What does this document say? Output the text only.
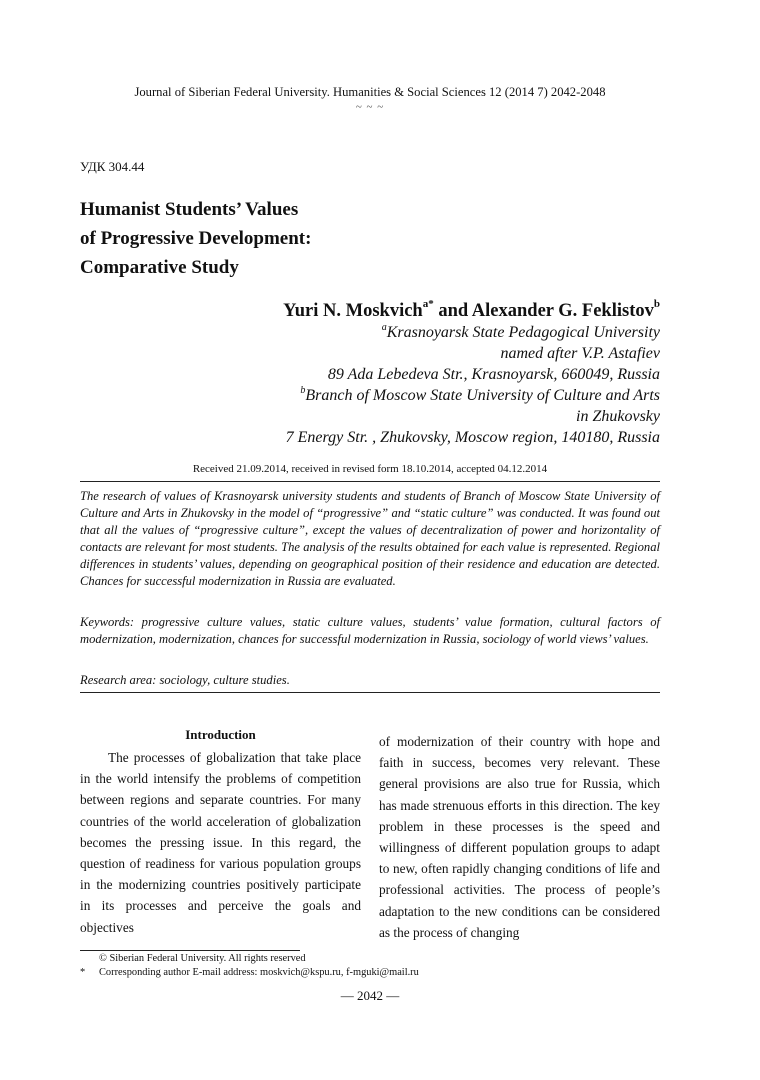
Journal of Siberian Federal University. Humanities & Social Sciences 12 (2014 7) 2042-2048
~ ~ ~
УДК 304.44
Humanist Students’ Values
of Progressive Development:
Comparative Study
Yuri N. Moskvich$^{a*}$ and Alexander G. Feklistov$^b$
$^a$Krasnoyarsk State Pedagogical University
named after V.P. Astafiev
89 Ada Lebedeva Str., Krasnoyarsk, 660049, Russia
$^b$Branch of Moscow State University of Culture and Arts
in Zhukovsky
7 Energy Str. , Zhukovsky, Moscow region, 140180, Russia
Received 21.09.2014, received in revised form 18.10.2014, accepted 04.12.2014
The research of values of Krasnoyarsk university students and students of Branch of Moscow State University of Culture and Arts in Zhukovsky in the model of “progressive” and “static culture” was conducted. It was found out that all the values of “progressive culture”, except the values of decentralization of power and horizontality of contacts are relevant for most students. The analysis of the results obtained for each value is represented. Regional differences in students’ values, depending on geographical position of their residence and education are detected. Chances for successful modernization in Russia are evaluated.
Keywords: progressive culture values, static culture values, students’ value formation, cultural factors of modernization, modernization, chances for successful modernization in Russia, sociology of world views’ values.
Research area: sociology, culture studies.
Introduction

The processes of globalization that take place in the world intensify the problems of competition between regions and separate countries. For many countries of the world acceleration of globalization becomes the pressing issue. In this regard, the question of readiness for various population groups in the modernizing countries positively participate in its processes and perceive the goals and objectives

of modernization of their country with hope and faith in success, becomes very relevant. These general provisions are also true for Russia, which has made strenuous efforts in this direction. The key problem in these processes is the speed and willingness of different population groups to adapt to new, often rapidly changing conditions of life and professional activities. The process of people’s adaptation to the new conditions can be considered as the process of changing

© Siberian Federal University. All rights reserved
* Corresponding author E-mail address: moskvich@kspu.ru, f-mguki@mail.ru
— 2042 —
